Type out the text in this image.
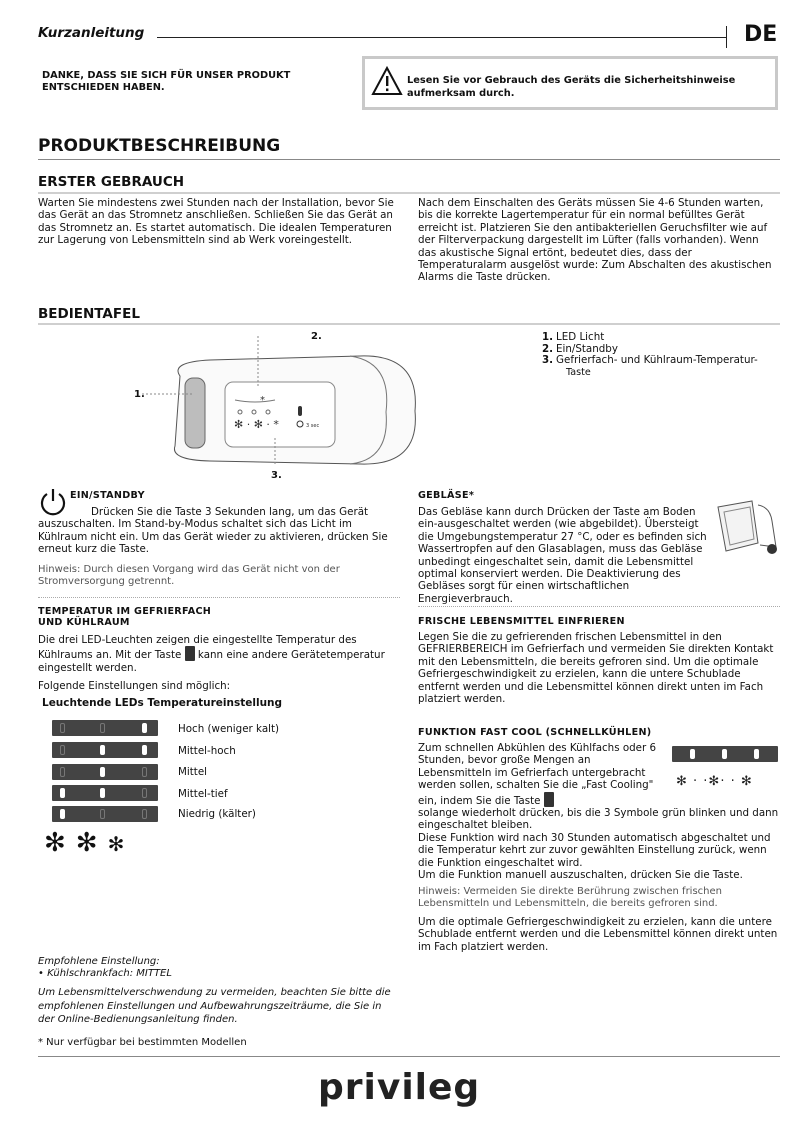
Kurzanleitung	DE
DANKE, DASS SIE SICH FÜR UNSER PRODUKT ENTSCHIEDEN HABEN.
Lesen Sie vor Gebrauch des Geräts die Sicherheitshinweise aufmerksam durch.
PRODUKTBESCHREIBUNG
ERSTER GEBRAUCH
Warten Sie mindestens zwei Stunden nach der Installation, bevor Sie das Gerät an das Stromnetz anschließen. Schließen Sie das Gerät an das Stromnetz an. Es startet automatisch. Die idealen Temperaturen zur Lagerung von Lebensmitteln sind ab Werk voreingestellt.
Nach dem Einschalten des Geräts müssen Sie 4-6 Stunden warten, bis die korrekte Lagertemperatur für ein normal befülltes Gerät erreicht ist. Platzieren Sie den antibakteriellen Geruchsfilter wie auf der Filterverpackung dargestellt im Lüfter (falls vorhanden). Wenn das akustische Signal ertönt, bedeutet dies, dass der Temperaturalarm ausgelöst wurde: Zum Abschalten des akustischen Alarms die Taste drücken.
BEDIENTAFEL
*
✻ · ✻ · *	3 sec
2.
1.
3.
1. LED Licht
2. Ein/Standby
3. Gefrierfach- und Kühlraum-Temperatur-
Taste
EIN/STANDBY
Drücken Sie die Taste 3 Sekunden lang, um das Gerät auszuschalten. Im Stand-by-Modus schaltet sich das Licht im Kühlraum nicht ein. Um das Gerät wieder zu aktivieren, drücken Sie erneut kurz die Taste.
Hinweis: Durch diesen Vorgang wird das Gerät nicht von der Stromversorgung getrennt.
TEMPERATUR IM GEFRIERFACH
UND KÜHLRAUM
Die drei LED-Leuchten zeigen die eingestellte Temperatur des Kühlraums an. Mit der Taste kann eine andere Gerätetemperatur eingestellt werden.
Folgende Einstellungen sind möglich:
Leuchtende LEDs Temperatureinstellung
Hoch (weniger kalt)
Mittel-hoch
Mittel
Mittel-tief
Niedrig (kälter)
✻✻✻
Empfohlene Einstellung:
• Kühlschrankfach: MITTEL
Um Lebensmittelverschwendung zu vermeiden, beachten Sie bitte die empfohlenen Einstellungen und Aufbewahrungszeiträume, die Sie in der Online-Bedienungsanleitung finden.
* Nur verfügbar bei bestimmten Modellen
GEBLÄSE*
Das Gebläse kann durch Drücken der Taste am Boden ein-ausgeschaltet werden (wie abgebildet). Übersteigt die Umgebungstemperatur 27 °C, oder es befinden sich Wassertropfen auf den Glasablagen, muss das Gebläse unbedingt eingeschaltet sein, damit die Lebensmittel optimal konserviert werden. Die Deaktivierung des Gebläses sorgt für einen wirtschaftlichen Energieverbrauch.
FRISCHE LEBENSMITTEL EINFRIEREN
Legen Sie die zu gefrierenden frischen Lebensmittel in den GEFRIERBEREICH im Gefrierfach und vermeiden Sie direkten Kontakt mit den Lebensmitteln, die bereits gefroren sind. Um die optimale Gefriergeschwindigkeit zu erzielen, kann die untere Schublade entfernt werden und die Lebensmittel können direkt unten im Fach platziert werden.
FUNKTION FAST COOL (SCHNELLKÜHLEN)
✻ · ·✻· · ✻
Zum schnellen Abkühlen des Kühlfachs oder 6 Stunden, bevor große Mengen an Lebensmitteln im Gefrierfach untergebracht werden sollen, schalten Sie die „Fast Cooling" ein, indem Sie die Taste
solange wiederholt drücken, bis die 3 Symbole grün blinken und dann eingeschaltet bleiben.
Diese Funktion wird nach 30 Stunden automatisch abgeschaltet und die Temperatur kehrt zur zuvor gewählten Einstellung zurück, wenn die Funktion eingeschaltet wird.
Um die Funktion manuell auszuschalten, drücken Sie die Taste.
Hinweis: Vermeiden Sie direkte Berührung zwischen frischen Lebensmitteln und Lebensmitteln, die bereits gefroren sind.
Um die optimale Gefriergeschwindigkeit zu erzielen, kann die untere Schublade entfernt werden und die Lebensmittel können direkt unten im Fach platziert werden.
privileg
